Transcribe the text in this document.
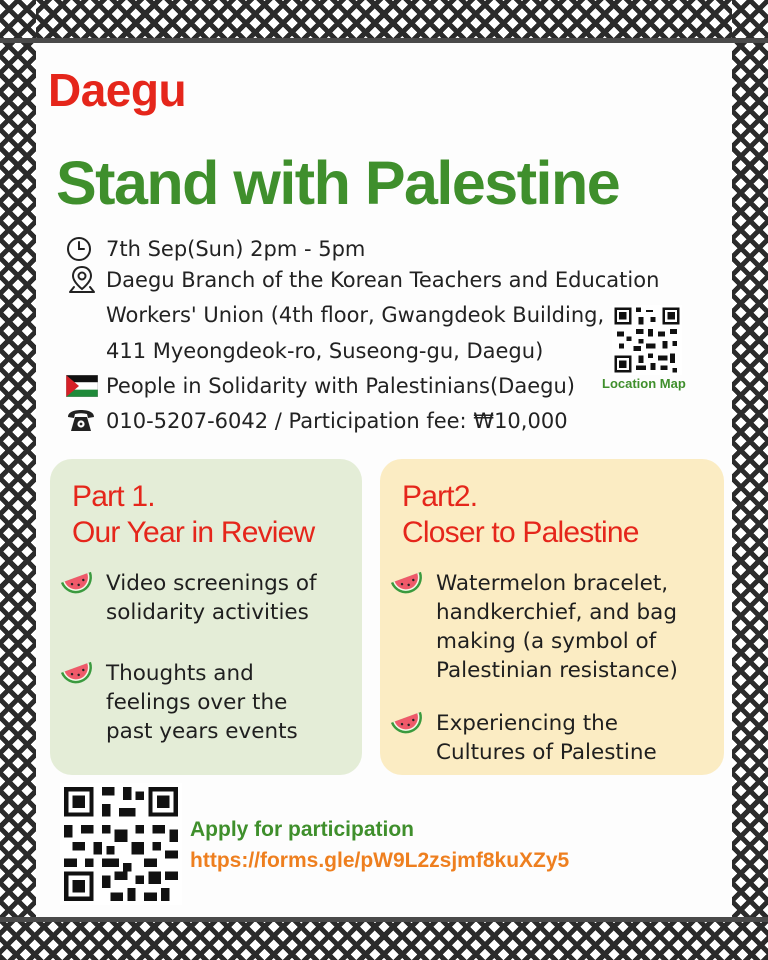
Daegu
Stand with Palestine
7th Sep(Sun) 2pm - 5pm
Daegu Branch of the Korean Teachers and Education
Workers' Union (4th floor, Gwangdeok Building,
411 Myeongdeok-ro, Suseong-gu, Daegu)
People in Solidarity with Palestinians(Daegu)
010-5207-6042 / Participation fee: ₩10,000
Location Map
Part 1.
Our Year in Review
Video screenings of
solidarity activities
Thoughts and
feelings over the
past years events
Part2.
Closer to Palestine
Watermelon bracelet,
handkerchief, and bag
making (a symbol of
Palestinian resistance)
Experiencing the
Cultures of Palestine
Apply for participation
https://forms.gle/pW9L2zsjmf8kuXZy5
